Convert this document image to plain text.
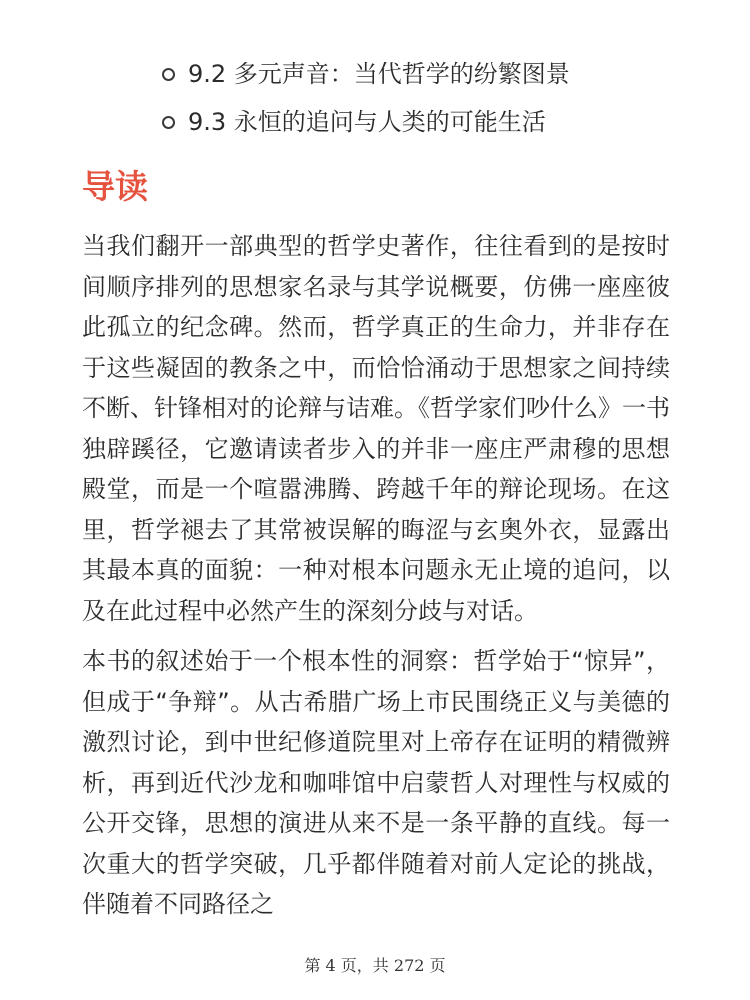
9.2 多元声音：当代哲学的纷繁图景
9.3 永恒的追问与人类的可能生活
导读

当我们翻开一部典型的哲学史著作，往往看到的是按时间顺序排列的思想家名录与其学说概要，仿佛一座座彼此孤立的纪念碑。然而，哲学真正的生命力，并非存在于这些凝固的教条之中，而恰恰涌动于思想家之间持续不断、针锋相对的论辩与诘难。《哲学家们吵什么》一书独辟蹊径，它邀请读者步入的并非一座庄严肃穆的思想殿堂，而是一个喧嚣沸腾、跨越千年的辩论现场。在这里，哲学褪去了其常被误解的晦涩与玄奥外衣，显露出其最本真的面貌：一种对根本问题永无止境的追问，以及在此过程中必然产生的深刻分歧与对话。

本书的叙述始于一个根本性的洞察：哲学始于“惊异”，但成于“争辩”。从古希腊广场上市民围绕正义与美德的激烈讨论，到中世纪修道院里对上帝存在证明的精微辨析，再到近代沙龙和咖啡馆中启蒙哲人对理性与权威的公开交锋，思想的演进从来不是一条平静的直线。每一次重大的哲学突破，几乎都伴随着对前人定论的挑战，伴随着不同路径之

第 4 页，共 272 页
